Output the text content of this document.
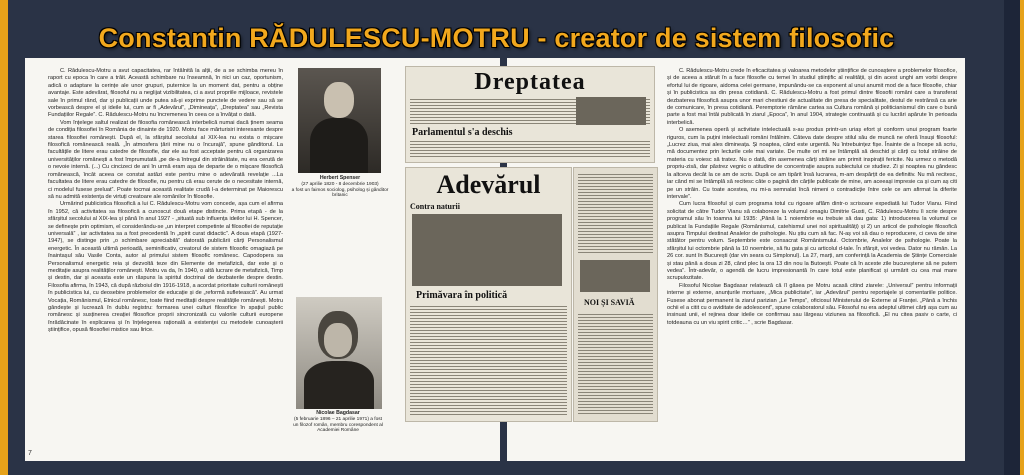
Constantin RĂDULESCU-MOTRU - creator de sistem filosofic

C. Rădulescu-Motru a avut capacitatea, rar întâlnită la alții, de a se schimba mereu în raport cu epoca în care a trăit. Această schimbare nu înseamnă, în nici un caz, oportunism, adică o adaptare la cerințe ale unor grupuri, puternice la un moment dat, pentru a obține avantaje. Este adevărat, filosoful nu a neglijat vizibilitatea, ci a avut propriile mijloace, revistele sale în primul rând, dar și publicații unde putea să-și exprime punctele de vedere sau să se vorbească despre el și ideile lui, cum ar fi „Adevărul”, „Dimineața”, „Dreptatea” sau „Revista Fundațiilor Regale”. C. Rădulescu-Motru nu încremenea în ceea ce a învățat o dată.

Vom înțelege saltul realizat de filosofia românească interbelică numai dacă ținem seama de condiția filosofiei în România de dinainte de 1920. Motru face mărturisiri interesante despre starea filosofiei românești. După el, la sfârșitul secolului al XIX-lea nu exista o mișcare filosofică românească reală. „În atmosfera țării mine nu o încurajă”, spune gânditorul. La facultățile de litere erau catedre de filosofie, dar ele au fost acceptate pentru că organizarea universităților românești a fost împrumutată „pe de-a întregul din străinătate, nu era cerută de o nevoie internă. (...) Cu cincizeci de ani în urmă eram așa de departe de o mișcare filosofică românească, încât aceea ce constat astăzi este pentru mine o adevărată revelație ...La facultatea de litere erau catedre de filosofie, nu pentru că erau cerute de o necesitate internă, ci modelul fusese preluat”. Poate tocmai această realitate crudă l-a determinat pe Maiorescu să nu admită existența de virtuți creatoare ale românilor în filosofie.

Urmărind publicistica filosofică a lui C. Rădulescu-Motru vom concede, așa cum el afirma în 1952, că activitatea sa filosofică a cunoscut două etape distincte. Prima etapă - de la sfârșitul secolului al XIX-lea și până în anul 1927 - „situată sub influența ideilor lui H. Spencer, se definește prin optimism, el considerându-se „un interpret competinte al filosofiei de reputație universală” , iar activitatea sa a fost precedentă în „spirit curat didactic”. A doua etapă (1927-1947), se distinge prin „o schimbare apreciabilă” datorată publicării cărți Personalismul energetic. În această ultimă perioadă, seminificativ, creatorul de sistem filosofic omagiază pe înaintașul său Vasile Conta, autor al primului sistem filosofic românesc. Capodopera sa Personalismul energetic reia și dezvoltă teze din Elemente de metafizică, dar este și o meditație asupra realităților românești. Motru va da, în 1940, o altă lucrare de metafizică, Timp și destin, dar și aceasta este un răspuns la spiritul doctrinal de dezbaterile despre destin. Filosofia afirma, în 1943, că după războiul din 1916-1918, a acordat prioritate culturii românești în publicistica lui, cu deosebire problemelor de educație și de „reformă sufletească”. Au urmat Vocația, Românismul, Etnicul românesc, toate fiind meditații despre realitățile românești. Motru gândește și lucrează în dublu registru: formarea unei culturi filosofice în spațiul public românesc și susținerea creației filosofice proprii sincronizată cu valorile culturii europene înrădăcinate în explicarea și în înțelegerea rațională a existenței cu metodele cunoașterii științifice, opusă filosofiei mistice sau lirice.

Herbert Spenser
(27 aprilie 1820 - 8 decembrie 1903)
a fost un faimos sociolog, psiholog și gânditor britanic
Nicolae Bagdasar
(5 februarie 1896 – 21 aprilie 1971) a fost
un filozof român, membru corespondent al Academiei Române
Dreptatea
Parlamentul s'a deschis
Adevărul
Contra naturii
Primăvara în politică
NOI ȘI SAVIĂ

C. Rădulescu-Motru crede în eficacitatea și valoarea metodelor științifice de cunoaștere a problemelor filosofice, și de aceea a stăruit în a face filosofie cu temei în studiul științific al realității, și din acest unghi am vorbi despre efortul lui de rigoare, aidoma celei germane, impunându-se ca exponent al unui anumit mod de a face filosofie, chiar și în publicistica sa din presa cotidiană. C. Rădulescu-Motru a fost primul dintre filosofii români care a transferat dezbaterea filosofică asupra unor mari chestiuni de actualitate din presa de specialitate, destul de restrânsă ca arie de comunicare, în presa cotidiană. Peremptorie rămâne cartea sa Cultura română și politicianismul din care o bună parte a fost mai întâi publicată în ziarul „Epoca”, în anul 1904, strategie continuată și cu lucrări apărute în perioada interbelică.

O asemenea operă și activitate intelectuală s-au produs printr-un uriaș efort și conform unui program foarte riguros, cum la puțini intelectuali români întâlnim. Câteva date despre stilul său de muncă ne oferă însuși filosoful: „Lucrez ziua, mai ales dimineața. Și noaptea, când este urgentă. Nu întrebuințez fișe. Înainte de a începe să scriu, mă documentez prin lecturile cele mai variate. De multe ori mi se întâmplă să deschid și cărți cu totul străine de materia cu voiesc să tratez. Nu o dată, din asemenea cărți străine am primit inspirații fericite. Nu urmez o metodă propriu-zisă, dar păstrez vegnic o atitudine de concentrație asupra subiectului ce studiez. Zi și noaptea nu gândesc la altceva decât la ce am de scris. După ce am tipărit însă lucrarea, m-am despărțit de ea definitiv. Nu mă recitesc, iar când mi se întâmplă să recitesc câte o pagină din cărțile publicate de mine, am aceeași impresie ca și cum aș citi pe un străin. Cu toate acestea, nu mi-a semnalat încă nimeni o contradicție între cele ce am afirmat la diferite intervale”.

Cum lucra filosoful și cum programa totul cu rigoare aflăm dintr-o scrisoare expediată lui Tudor Vianu. Fiind solicitat de către Tudor Vianu să colaboreze la volumul omagiu Dimitrie Gusti, C. Rădulescu-Motru îi scrie despre programul său în toamna lui 1935: „Până la 1 noiembrie eu trebuie să dau gata: 1) introducerea la volumul ce publicat la Fundațiile Regale (Românismul, catehismul unei noi spiritualități) și 2) un articol de psihologie filosofică asupra Timpului destinat Analelor de psihologie. Nu știu cum să fac. N-aș voi să dau o reproducere, ci ceva de sine stătător pentru volum. Septembrie este consacrat Românismului. Octombrie, Analelor de psihologie. Poate la sfârșitul lui octombrie până la 10 noembrie, să fiu gata și cu articolul d-tale. În sfârșit, voi vedea. Dator nu rămân. La 26 cor. sunt în București (dar vin searа cu Simplonul). La 27, marți, am conferință la Academia de Științe Comerciale și stau până a doua zi 28, când plec la ora 13 din nou la Butoești. Poate că în aceste zile bucureștene să ne putem vedea”. Într-adevăr, o agendă de lucru impresionantă în care totul este planificat și urmărit cu cea mai mare scrupulozitate.

Filosoful Nicolae Bagdasar relatează că îl găsea pe Motru acasă citind ziarele: „Universul” pentru informații interne și externe, anunțurile mortuare, „Mica publicitate”, iar „Adevărul” pentru reportajele și comentariile politice. Fusese abonat permanent la ziarul parizian „Le Temps”, oficiosul Ministerului de Externe al Franței. „Până a închis ochii el a citit cu o aviditate de adolescent”, spune colaboratorul său. Filosoful nu era adeptul ultimei cărți așa cum au insinuat unii, el rejinea doar ideile ce confirmau sau lărgeau viziunea sa filosofică. „El nu citea pasiv o carte, ci totdeauna cu un viu spirit critic…” , scrie Bagdasar.

7
